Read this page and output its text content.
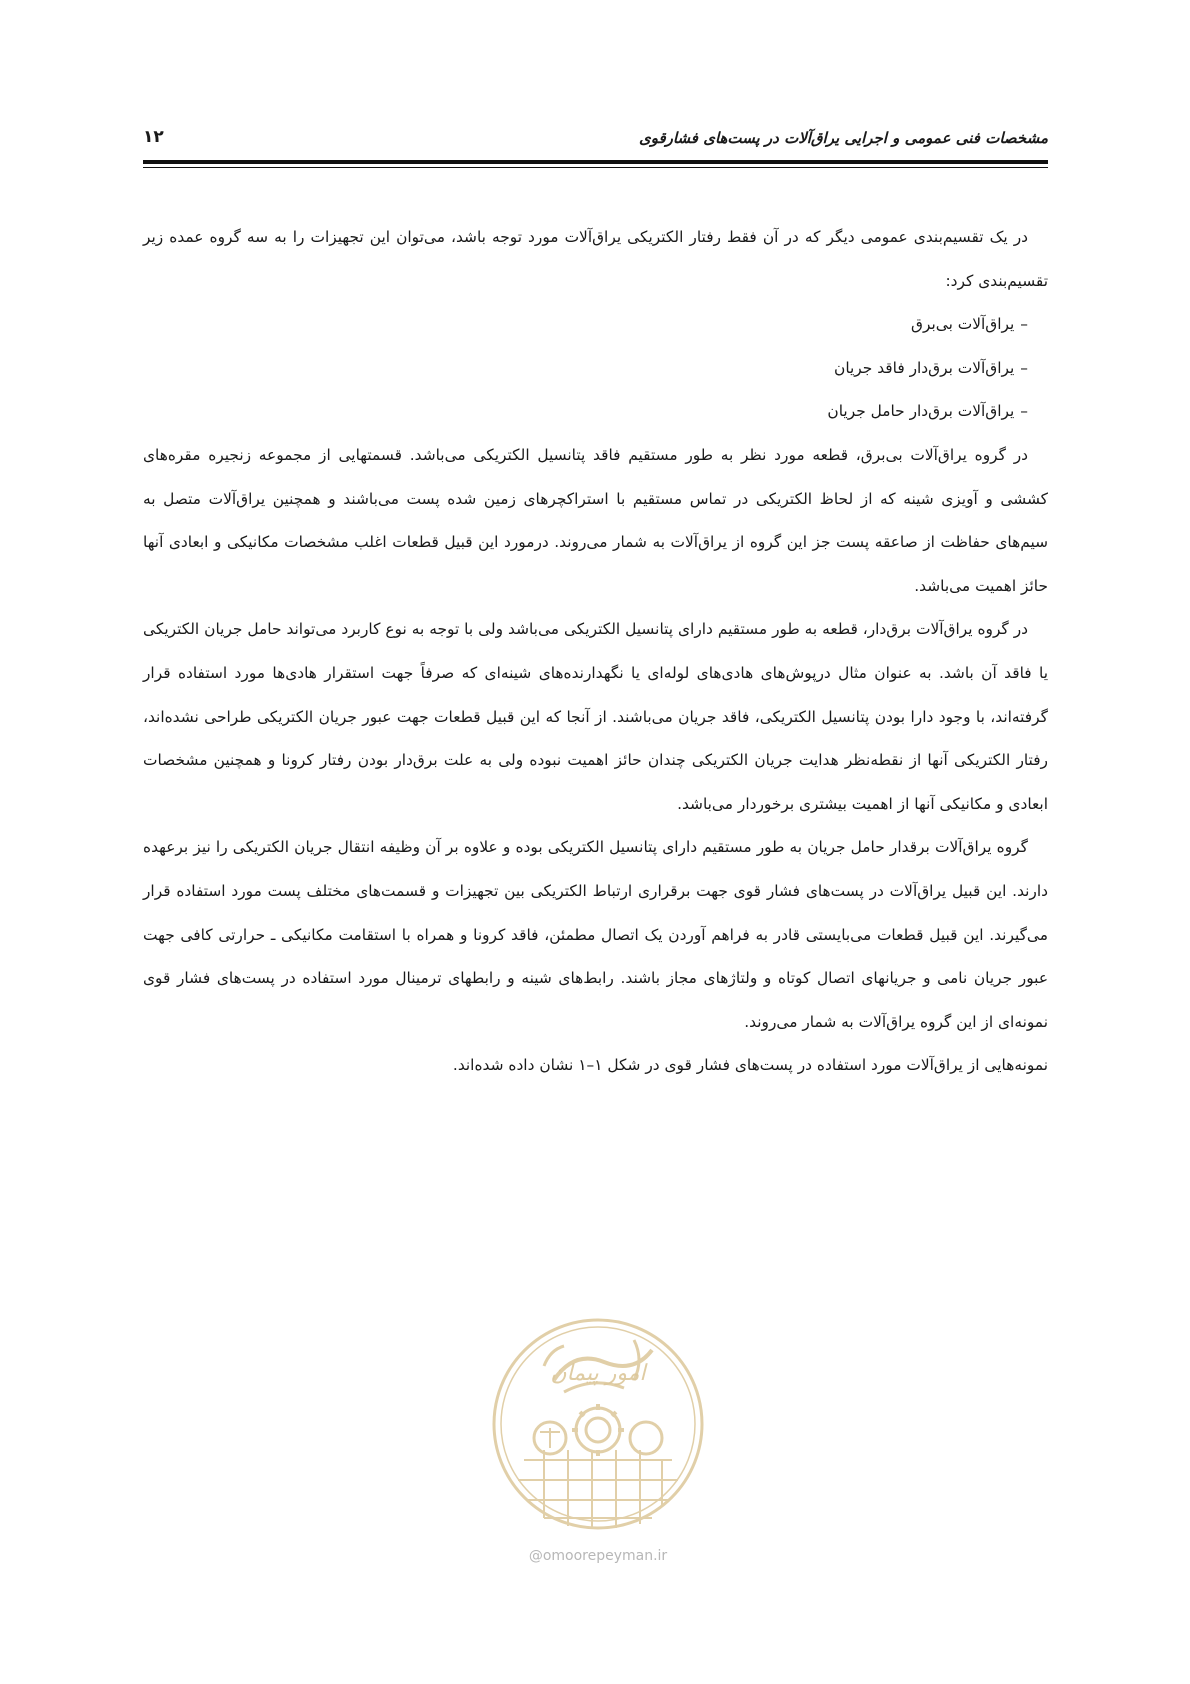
مشخصات فنی عمومی و اجرایی یراق‌آلات در پست‌های فشارقوی
۱۲

در یک تقسیم‌بندی عمومی دیگر که در آن فقط رفتار الکتریکی یراق‌آلات مورد توجه باشد، می‌توان این تجهیزات را به سه گروه عمده زیر تقسیم‌بندی کرد:

–یراق‌آلات بی‌برق
–یراق‌آلات برق‌دار فاقد جریان
–یراق‌آلات برق‌دار حامل جریان

در گروه یراق‌آلات بی‌برق، قطعه مورد نظر به طور مستقیم فاقد پتانسیل الکتریکی می‌باشد. قسمتهایی از مجموعه زنجیره مقره‌های کششی و آویزی شینه که از لحاظ الکتریکی در تماس مستقیم با استراکچرهای زمین شده پست می‌باشند و همچنین یراق‌آلات متصل به سیم‌های حفاظت از صاعقه پست جز این گروه از یراق‌آلات به شمار می‌روند. درمورد این قبیل قطعات اغلب مشخصات مکانیکی و ابعادی آنها حائز اهمیت می‌باشد.

در گروه یراق‌آلات برق‌دار، قطعه به طور مستقیم دارای پتانسیل الکتریکی می‌باشد ولی با توجه به نوع کاربرد می‌تواند حامل جریان الکتریکی یا فاقد آن باشد. به عنوان مثال درپوش‌های هادی‌های لوله‌ای یا نگهدارنده‌های شینه‌ای که صرفاً جهت استقرار هادی‌ها مورد استفاده قرار گرفته‌اند، با وجود دارا بودن پتانسیل الکتریکی، فاقد جریان می‌باشند. از آنجا که این قبیل قطعات جهت عبور جریان الکتریکی طراحی نشده‌اند، رفتار الکتریکی آنها از نقطه‌نظر هدایت جریان الکتریکی چندان حائز اهمیت نبوده ولی به علت برق‌دار بودن رفتار کرونا و همچنین مشخصات ابعادی و مکانیکی آنها از اهمیت بیشتری برخوردار می‌باشد.

گروه یراق‌آلات برقدار حامل جریان به طور مستقیم دارای پتانسیل الکتریکی بوده و علاوه بر آن وظیفه انتقال جریان الکتریکی را نیز برعهده دارند. این قبیل یراق‌آلات در پست‌های فشار قوی جهت برقراری ارتباط الکتریکی بین تجهیزات و قسمت‌های مختلف پست مورد استفاده قرار می‌گیرند. این قبیل قطعات می‌بایستی قادر به فراهم آوردن یک اتصال مطمئن، فاقد کرونا و همراه با استقامت مکانیکی ـ حرارتی کافی جهت عبور جریان نامی و جریانهای اتصال کوتاه و ولتاژهای مجاز باشند. رابط‌های شینه و رابطهای ترمینال مورد استفاده در پست‌های فشار قوی نمونه‌ای از این گروه یراق‌آلات به شمار می‌روند.

نمونه‌هایی از یراق‌آلات مورد استفاده در پست‌های فشار قوی در شکل ۱–۱ نشان داده شده‌اند.

امور پیمان
@omoorepeyman.ir
